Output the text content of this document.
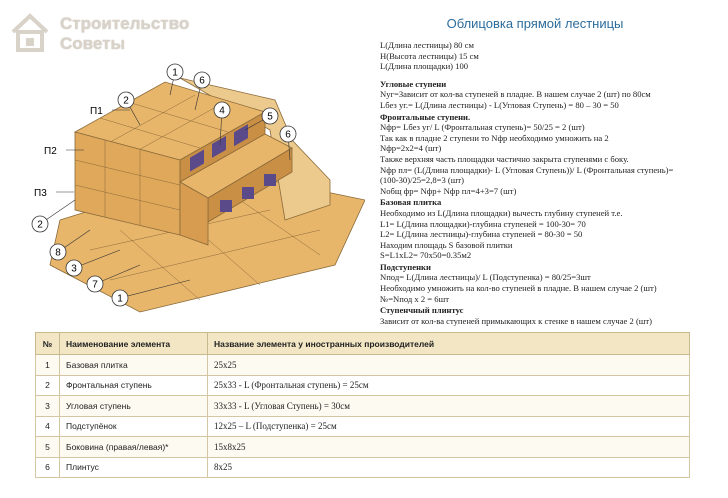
Строительство
Советы
Облицовка прямой лестницы
L(Длина лестницы) 80 см
H(Высота лестницы) 15 см
L(Длина площадки) 100
Угловые ступени
Nуг=Зависит от кол-ва ступеней в пладне. В нашем случае 2 (шт) по 80см
Lбез уг.= L(Длина лестницы) - L(Угловая Ступень) = 80 – 30 = 50
Фронтальные ступени.
Nфр= Lбез уг/ L (Фронтальная ступень)= 50/25 = 2 (шт)
Так как в пладне 2 ступени то Nфр необходимо умножить на 2
Nфр=2х2=4 (шт)
Также верхняя часть площадки частично закрыта ступенями с боку.
Nфр пл= (L(Длина площадки)- L (Угловая Ступень))/ L (Фронтальная ступень)=
(100-30)/25=2,8=3 (шт)
Nобщ фр= Nфр+ Nфр пл=4+3=7 (шт)
Базовая плитка
Необходимо из L(Длина площадки) вычесть глубину ступеней т.е.
L1= L(Длина площадки)-глубина ступеней = 100-30= 70
L2= L(Длина лестницы)-глубина ступеней = 80-30 = 50
Находим площадь S базовой плитки
S=L1xL2= 70х50=0.35м2
Подступенки
Nпод= L(Длина лестницы)/ L (Подступенка) = 80/25=3шт
Необходимо умножить на кол-во ступеней в пладне. В нашем случае 2 (шт)
№=Nпод х 2 = 6шт
Ступенчный плинтус
Зависит от кол-ва ступеней примыкающих к стенке в нашем случае 2 (шт)
1
6
2
4
5
6
2
8
3
7
1
П1
П2
П3
№	Наименование элемента	Название элемента у иностранных производителей
1	Базовая плитка	25x25
2	Фронтальная ступень	25x33 - L (Фронтальная ступень) = 25см
3	Угловая ступень	33x33 - L (Угловая Ступень) = 30см
4	Подступёнок	12x25 – L (Подступенка) = 25см
5	Боковина (правая/левая)*	15x8x25
6	Плинтус	8x25
